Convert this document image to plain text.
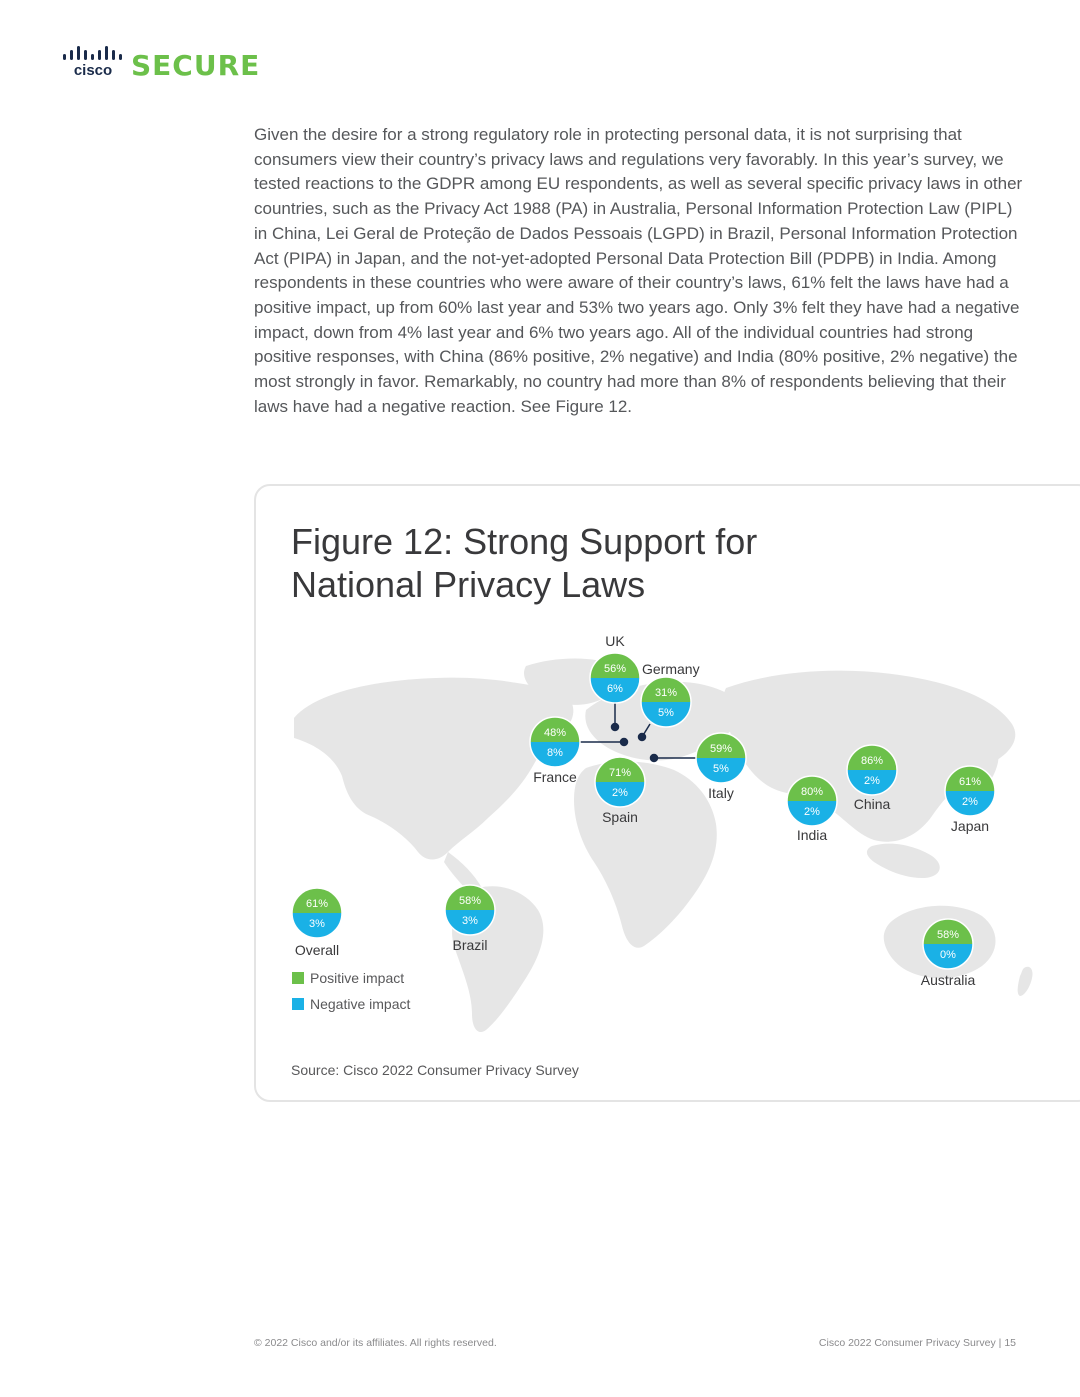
cisco SECURE

Given the desire for a strong regulatory role in protecting personal data, it is not surprising that consumers view their country’s privacy laws and regulations very favorably. In this year’s survey, we tested reactions to the GDPR among EU respondents, as well as several specific privacy laws in other countries, such as the Privacy Act 1988 (PA) in Australia, Personal Information Protection Law (PIPL) in China, Lei Geral de Proteção de Dados Pessoais (LGPD) in Brazil, Personal Information Protection Act (PIPA) in Japan, and the not-yet-adopted Personal Data Protection Bill (PDPB) in India. Among respondents in these countries who were aware of their country’s laws, 61% felt the laws have had a positive impact, up from 60% last year and 53% two years ago. Only 3% felt they have had a negative impact, down from 4% last year and 6% two years ago. All of the individual countries had strong positive responses, with China (86% positive, 2% negative) and India (80% positive, 2% negative) the most strongly in favor. Remarkably, no country had more than 8% of respondents believing that their laws have had a negative reaction. See Figure 12.

Figure 12: Strong Support for National Privacy Laws
56%
6%
UK
31%
5%
Germany
48%
8%
France	71%
2%
Spain
59%
5%
Italy	80%
2%
India
86%
2%
China
61%
2%
Japan
61%
3%
Overall
58%
3%
Brazil
58%
0%
Australia
Positive impact
Negative impact
Source: Cisco 2022 Consumer Privacy Survey
© 2022 Cisco and/or its affiliates. All rights reserved.	Cisco 2022 Consumer Privacy Survey | 15
